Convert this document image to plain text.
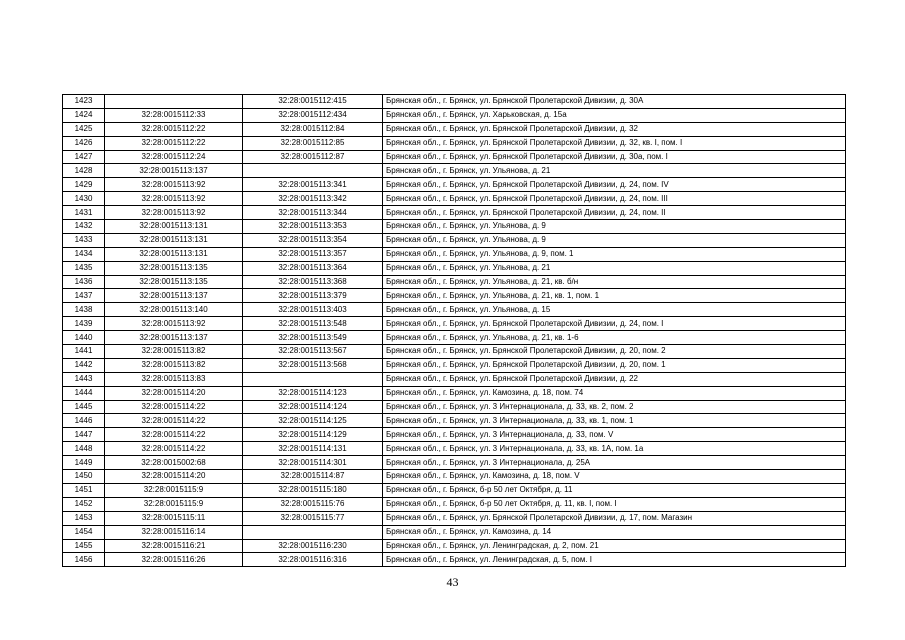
1423		32:28:0015112:415	Брянская обл., г. Брянск, ул. Брянской Пролетарской Дивизии, д. 30А
1424	32:28:0015112:33	32:28:0015112:434	Брянская обл., г. Брянск, ул. Харьковская, д. 15а
1425	32:28:0015112:22	32:28:0015112:84	Брянская обл., г. Брянск, ул. Брянской Пролетарской Дивизии, д. 32
1426	32:28:0015112:22	32:28:0015112:85	Брянская обл., г. Брянск, ул. Брянской Пролетарской Дивизии, д. 32, кв. I, пом. I
1427	32:28:0015112:24	32:28:0015112:87	Брянская обл., г. Брянск, ул. Брянской Пролетарской Дивизии, д. 30а, пом. I
1428	32:28:0015113:137		Брянская обл., г. Брянск, ул. Ульянова, д. 21
1429	32:28:0015113:92	32:28:0015113:341	Брянская обл., г. Брянск, ул. Брянской Пролетарской Дивизии, д. 24, пом. IV
1430	32:28:0015113:92	32:28:0015113:342	Брянская обл., г. Брянск, ул. Брянской Пролетарской Дивизии, д. 24, пом. III
1431	32:28:0015113:92	32:28:0015113:344	Брянская обл., г. Брянск, ул. Брянской Пролетарской Дивизии, д. 24, пом. II
1432	32:28:0015113:131	32:28:0015113:353	Брянская обл., г. Брянск, ул. Ульянова, д. 9
1433	32:28:0015113:131	32:28:0015113:354	Брянская обл., г. Брянск, ул. Ульянова, д. 9
1434	32:28:0015113:131	32:28:0015113:357	Брянская обл., г. Брянск, ул. Ульянова, д. 9, пом. 1
1435	32:28:0015113:135	32:28:0015113:364	Брянская обл., г. Брянск, ул. Ульянова, д. 21
1436	32:28:0015113:135	32:28:0015113:368	Брянская обл., г. Брянск, ул. Ульянова, д. 21, кв. б/н
1437	32:28:0015113:137	32:28:0015113:379	Брянская обл., г. Брянск, ул. Ульянова, д. 21, кв. 1, пом. 1
1438	32:28:0015113:140	32:28:0015113:403	Брянская обл., г. Брянск, ул. Ульянова, д. 15
1439	32:28:0015113:92	32:28:0015113:548	Брянская обл., г. Брянск, ул. Брянской Пролетарской Дивизии, д. 24, пом. I
1440	32:28:0015113:137	32:28:0015113:549	Брянская обл., г. Брянск, ул. Ульянова, д. 21, кв. 1-6
1441	32:28:0015113:82	32:28:0015113:567	Брянская обл., г. Брянск, ул. Брянской Пролетарской Дивизии, д. 20, пом. 2
1442	32:28:0015113:82	32:28:0015113:568	Брянская обл., г. Брянск, ул. Брянской Пролетарской Дивизии, д. 20, пом. 1
1443	32:28:0015113:83		Брянская обл., г. Брянск, ул. Брянской Пролетарской Дивизии, д. 22
1444	32:28:0015114:20	32:28:0015114:123	Брянская обл., г. Брянск, ул. Камозина, д. 18, пом. 74
1445	32:28:0015114:22	32:28:0015114:124	Брянская обл., г. Брянск, ул. 3 Интернационала, д. 33, кв. 2, пом. 2
1446	32:28:0015114:22	32:28:0015114:125	Брянская обл., г. Брянск, ул. 3 Интернационала, д. 33, кв. 1, пом. 1
1447	32:28:0015114:22	32:28:0015114:129	Брянская обл., г. Брянск, ул. 3 Интернационала, д. 33, пом. V
1448	32:28:0015114:22	32:28:0015114:131	Брянская обл., г. Брянск, ул. 3 Интернационала, д. 33, кв. 1А, пом. 1а
1449	32:28:0015002:68	32:28:0015114:301	Брянская обл., г. Брянск, ул. 3 Интернационала, д. 25А
1450	32:28:0015114:20	32:28:0015114:87	Брянская обл., г. Брянск, ул. Камозина, д. 18, пом. V
1451	32:28:0015115:9	32:28:0015115:180	Брянская обл., г. Брянск, б-р 50 лет Октября, д. 11
1452	32:28:0015115:9	32:28:0015115:76	Брянская обл., г. Брянск, б-р 50 лет Октября, д. 11, кв. I, пом. I
1453	32:28:0015115:11	32:28:0015115:77	Брянская обл., г. Брянск, ул. Брянской Пролетарской Дивизии, д. 17, пом. Магазин
1454	32:28:0015116:14		Брянская обл., г. Брянск, ул. Камозина, д. 14
1455	32:28:0015116:21	32:28:0015116:230	Брянская обл., г. Брянск, ул. Ленинградская, д. 2, пом. 21
1456	32:28:0015116:26	32:28:0015116:316	Брянская обл., г. Брянск, ул. Ленинградская, д. 5, пом. I
43
